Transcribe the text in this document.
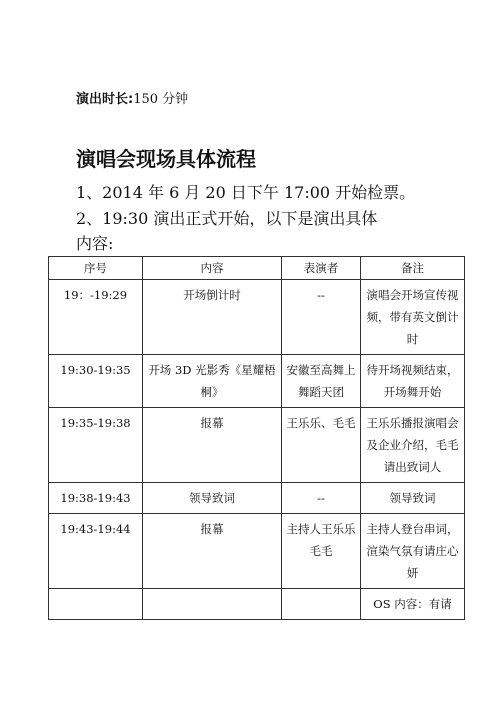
演出时长:150 分钟
演唱会现场具体流程
1、2014 年 6 月 20 日下午 17:00 开始检票。
2、19:30 演出正式开始，以下是演出具体
内容:
序号	内容	表演者	备注
19：-19:29	开场倒计时	--	演唱会开场宣传视频，带有英文倒计时

19:30-19:35	开场 3D 光影秀《星耀梧桐》	安徽至高舞上舞蹈天团	待开场视频结束，开场舞开始

19:35-19:38	报幕	王乐乐、毛毛	王乐乐播报演唱会及企业介绍，毛毛请出致词人

19:38-19:43	领导致词	--	领导致词

19:43-19:44	报幕	主持人王乐乐毛毛	主持人登台串词，渲染气氛有请庄心妍

			OS 内容：有请
